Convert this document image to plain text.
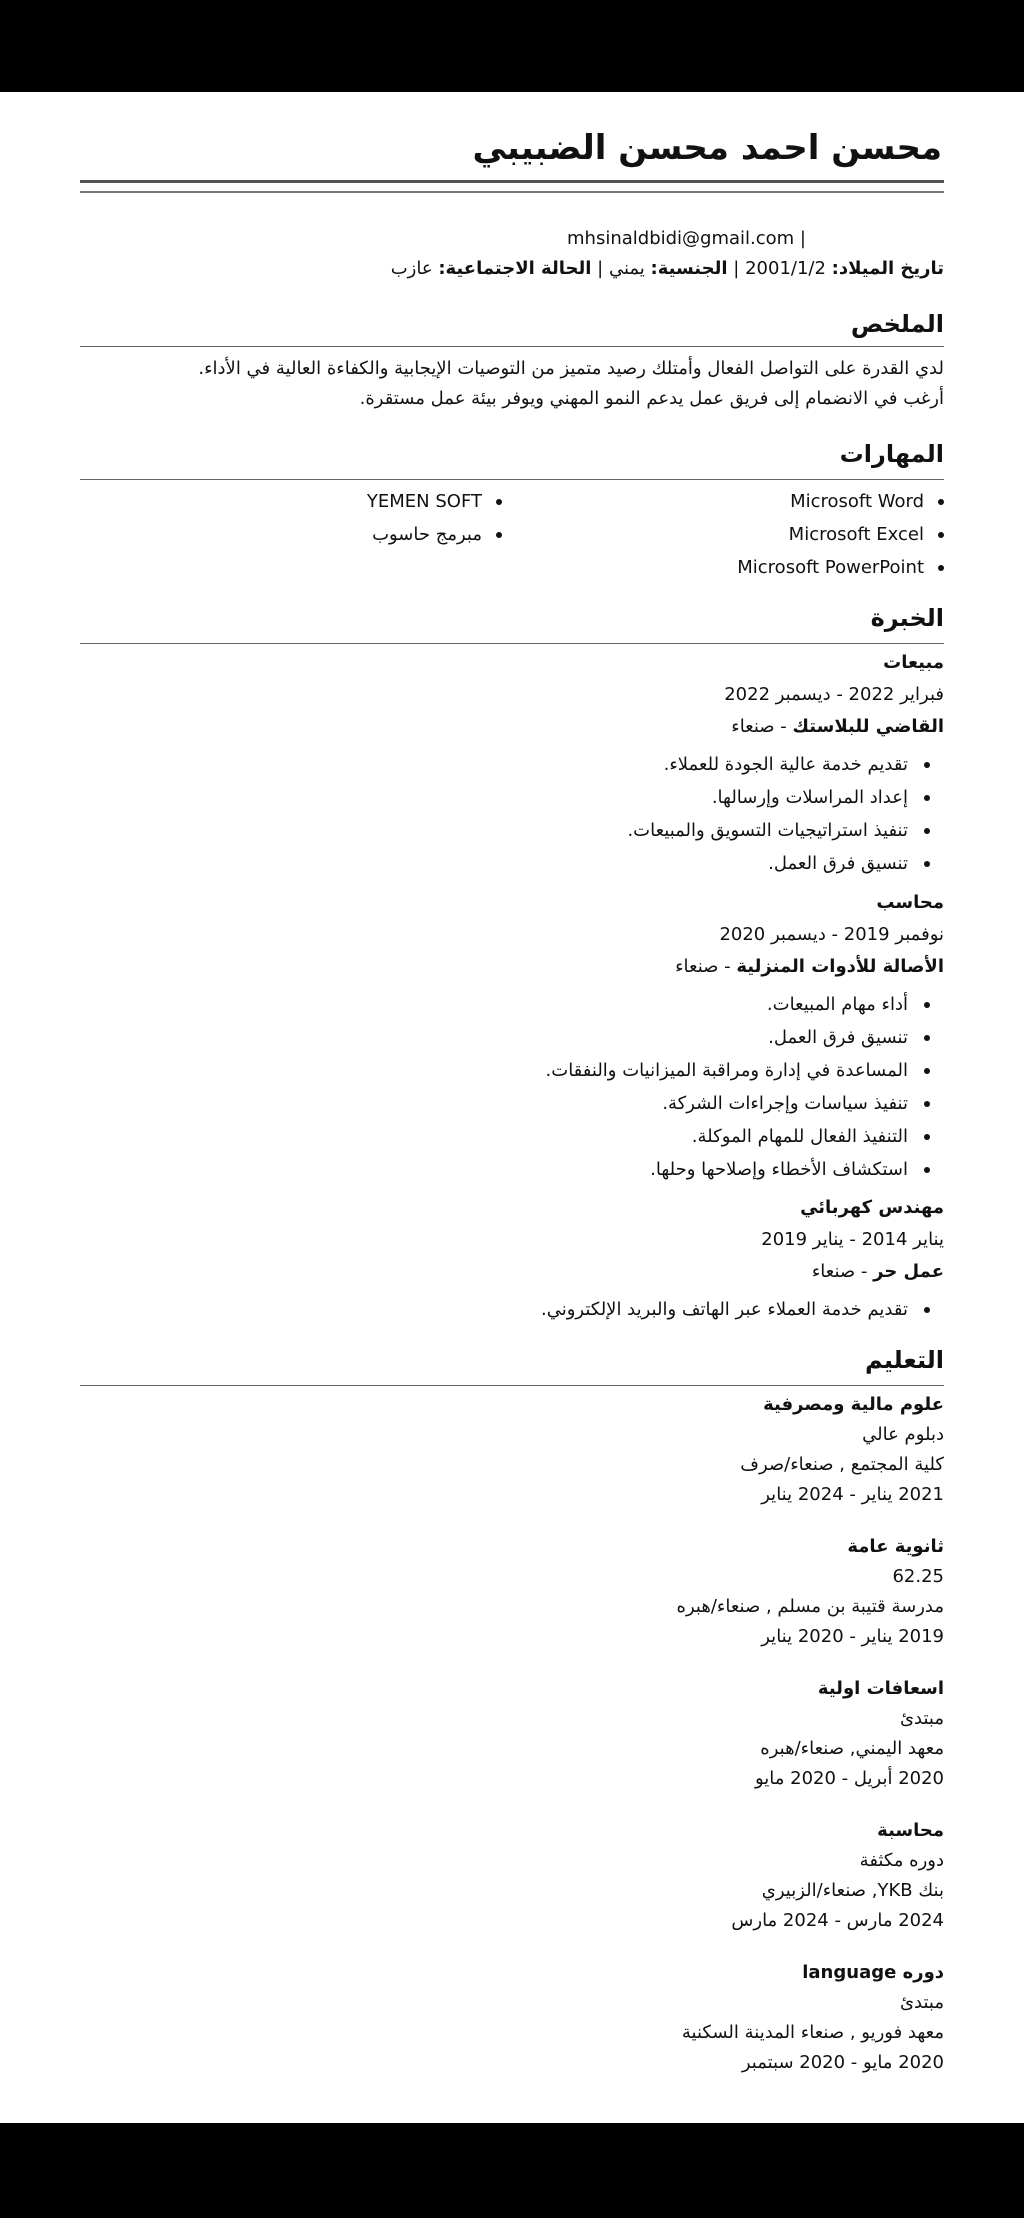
محسن احمد محسن الضبيبي
mhsinaldbidi@gmail.com |
تاريخ الميلاد: 2001/1/2 | الجنسية: يمني | الحالة الاجتماعية: عازب
الملخص
لدي القدرة على التواصل الفعال وأمتلك رصيد متميز من التوصيات الإيجابية والكفاءة العالية في الأداء.
أرغب في الانضمام إلى فريق عمل يدعم النمو المهني ويوفر بيئة عمل مستقرة.
المهارات
Microsoft Word
YEMEN SOFT
Microsoft Excel
مبرمج حاسوب
Microsoft PowerPoint
الخبرة
مبيعات
فبراير 2022 - ديسمبر 2022
القاضي للبلاستك - صنعاء
تقديم خدمة عالية الجودة للعملاء.
إعداد المراسلات وإرسالها.
تنفيذ استراتيجيات التسويق والمبيعات.
تنسيق فرق العمل.
محاسب
نوفمبر 2019 - ديسمبر 2020
الأصالة للأدوات المنزلية - صنعاء
أداء مهام المبيعات.
تنسيق فرق العمل.
المساعدة في إدارة ومراقبة الميزانيات والنفقات.
تنفيذ سياسات وإجراءات الشركة.
التنفيذ الفعال للمهام الموكلة.
استكشاف الأخطاء وإصلاحها وحلها.
مهندس كهربائي
يناير 2014 - يناير 2019
عمل حر - صنعاء
تقديم خدمة العملاء عبر الهاتف والبريد الإلكتروني.
التعليم
علوم مالية ومصرفية
دبلوم عالي
كلية المجتمع , صنعاء/صرف
2021 يناير - 2024 يناير
ثانوية عامة
62.25
مدرسة قتيبة بن مسلم , صنعاء/هبره
2019 يناير - 2020 يناير
اسعافات اولية
مبتدئ
معهد اليمني, صنعاء/هبره
2020 أبريل - 2020 مايو
محاسبة
دوره مكثفة
بنك YKB, صنعاء/الزبيري
2024 مارس - 2024 مارس
دوره language
مبتدئ
معهد فوريو , صنعاء المدينة السكنية
2020 مايو - 2020 سبتمبر
